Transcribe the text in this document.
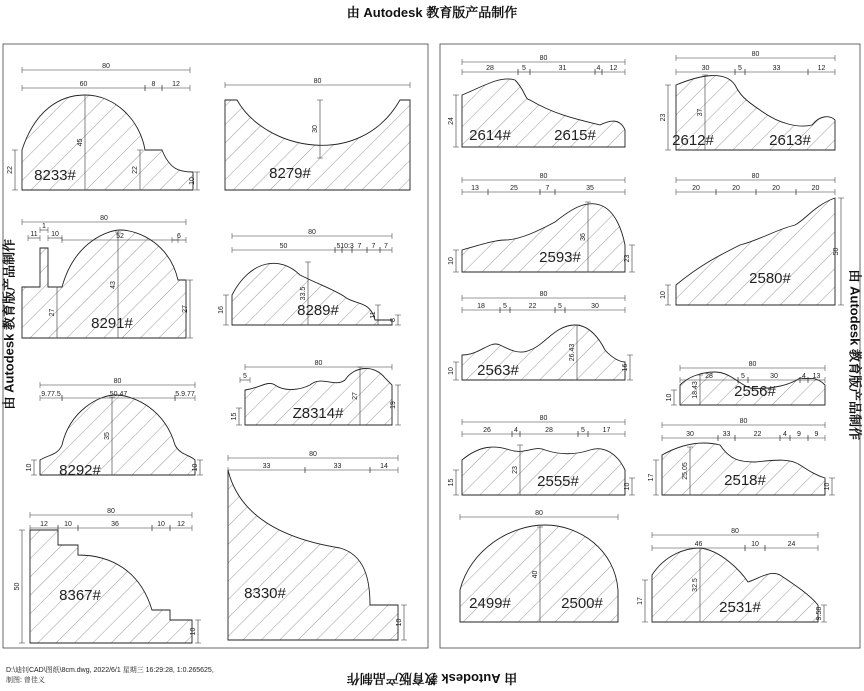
由 Autodesk 教育版产品制作
由 Autodesk 教育版产品制作
由 Autodesk 教育版产品制作	由 Autodesk 教育版产品制作
D:\迪钊CAD\图纸\8cm.dwg, 2022/6/1 星期三 16:29:28, 1:0.265625,
制图: 曾佳义
80
60	8 12
45
22	22
10
8233#
80
30
8279#
80
11
1
10	52	6
43
27	27
8291#
80
50	5 10:3 7 7 7
33.5
16
11
8
8289#
80
9.77.5	50.47	5.9.77
35
10	10
8292#
80
5
27
15
19
Z8314#
80
12 10	36	10 12
50
10
8367#
80
33	33	14
10
8330#
80
28	5	31	4 12
24
2614#	2615#
80
30	5	33	12
37
23
2612#	2613#
80
13	25	7	35
36
10	23
2593#
80
20	20	20	20
10
50
2580#
80
18	5	22	5	30
26.43
10	16
2563#	80
28	5	30	4 13
18.43
10	2556#
80
26	4	28	5	17
23
15
10
2555#
80
30	33	22	4 9 9
25.05
17
10
2518#
80
40
2499#	2500#
80
46	10	24
32.5
17
9.58
2531#
